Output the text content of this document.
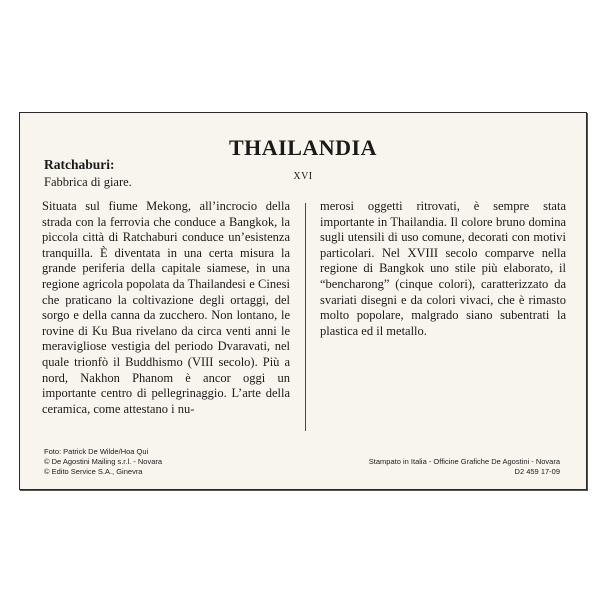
THAILANDIA
Ratchaburi:
Fabbrica di giare.	XVI

Situata sul fiume Mekong, all’incrocio della strada con la ferrovia che conduce a Bangkok, la piccola città di Ratchaburi conduce un’esistenza tranquilla. È diventata in una certa misura la grande periferia della capitale siamese, in una regione agricola popolata da Thailandesi e Cinesi che praticano la coltivazione degli ortaggi, del sorgo e della canna da zucchero. Non lontano, le rovine di Ku Bua rivelano da circa venti anni le meravigliose vestigia del periodo Dvaravati, nel quale trionfò il Buddhismo (VIII secolo). Più a nord, Nakhon Phanom è ancor oggi un importante centro di pellegrinaggio. L’arte della ceramica, come attestano i nu-

merosi oggetti ritrovati, è sempre stata importante in Thailandia. Il colore bruno domina sugli utensili di uso comune, decorati con motivi particolari. Nel XVIII secolo comparve nella regione di Bangkok uno stile più elaborato, il “bencharong” (cinque colori), caratterizzato da svariati disegni e da colori vivaci, che è rimasto molto popolare, malgrado siano subentrati la plastica ed il metallo.

Foto: Patrick De Wilde/Hoa Qui
© De Agostini Mailing s.r.l. - Novara
© Edito Service S.A., Ginevra
Stampato in Italia - Officine Grafiche De Agostini - Novara
D2 459 17-09
